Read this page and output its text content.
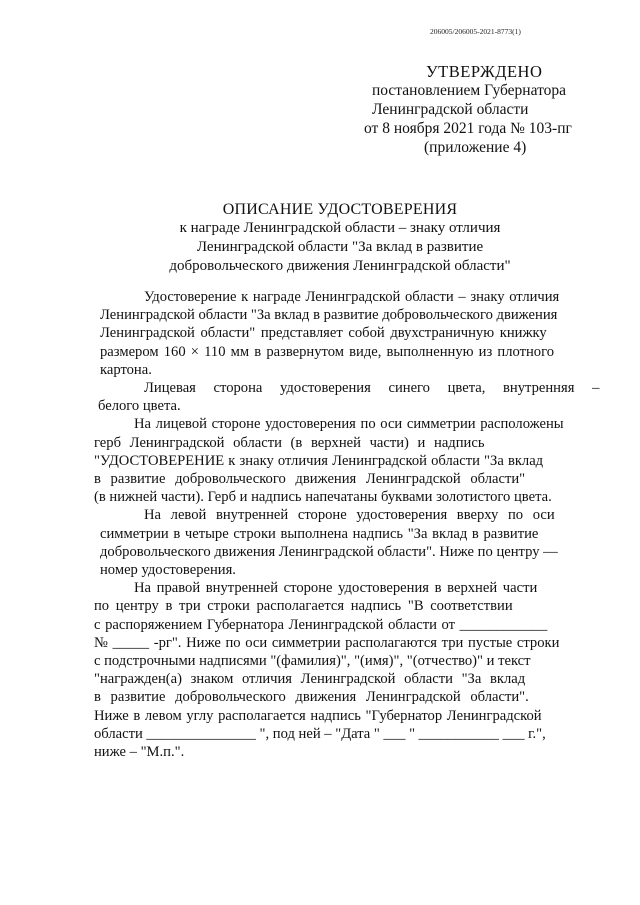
206005/206005-2021-8773(1)
УТВЕРЖДЕНО
постановлением Губернатора
Ленинградской области
от 8 ноября 2021 года № 103-пг
(приложение 4)
ОПИСАНИЕ УДОСТОВЕРЕНИЯ
к награде Ленинградской области – знаку отличия
Ленинградской области "За вклад в развитие
добровольческого движения Ленинградской области"

Удостоверение к награде Ленинградской области – знаку отличия
Ленинградской области "За вклад в развитие добровольческого движения
Ленинградской области" представляет собой двухстраничную книжку
размером 160 × 110 мм в развернутом виде, выполненную из плотного
картона.

Лицевая сторона удостоверения синего цвета, внутренняя –
белого цвета.

На лицевой стороне удостоверения по оси симметрии расположены
герб Ленинградской области (в верхней части) и надпись
"УДОСТОВЕРЕНИЕ к знаку отличия Ленинградской области "За вклад
в развитие добровольческого движения Ленинградской области"
(в нижней части). Герб и надпись напечатаны буквами золотистого цвета.

На левой внутренней стороне удостоверения вверху по оси
симметрии в четыре строки выполнена надпись "За вклад в развитие
добровольческого движения Ленинградской области". Ниже по центру —
номер удостоверения.

На правой внутренней стороне удостоверения в верхней части
по центру в три строки располагается надпись "В соответствии
с распоряжением Губернатора Ленинградской области от ____________
№ _____ -рг". Ниже по оси симметрии располагаются три пустые строки
с подстрочными надписями "(фамилия)", "(имя)", "(отчество)" и текст
"награжден(а) знаком отличия Ленинградской области "За вклад
в развитие добровольческого движения Ленинградской области".
Ниже в левом углу располагается надпись "Губернатор Ленинградской
области _______________ ", под ней – "Дата " ___ " ___________ ___ г.",
ниже – "М.п.".
